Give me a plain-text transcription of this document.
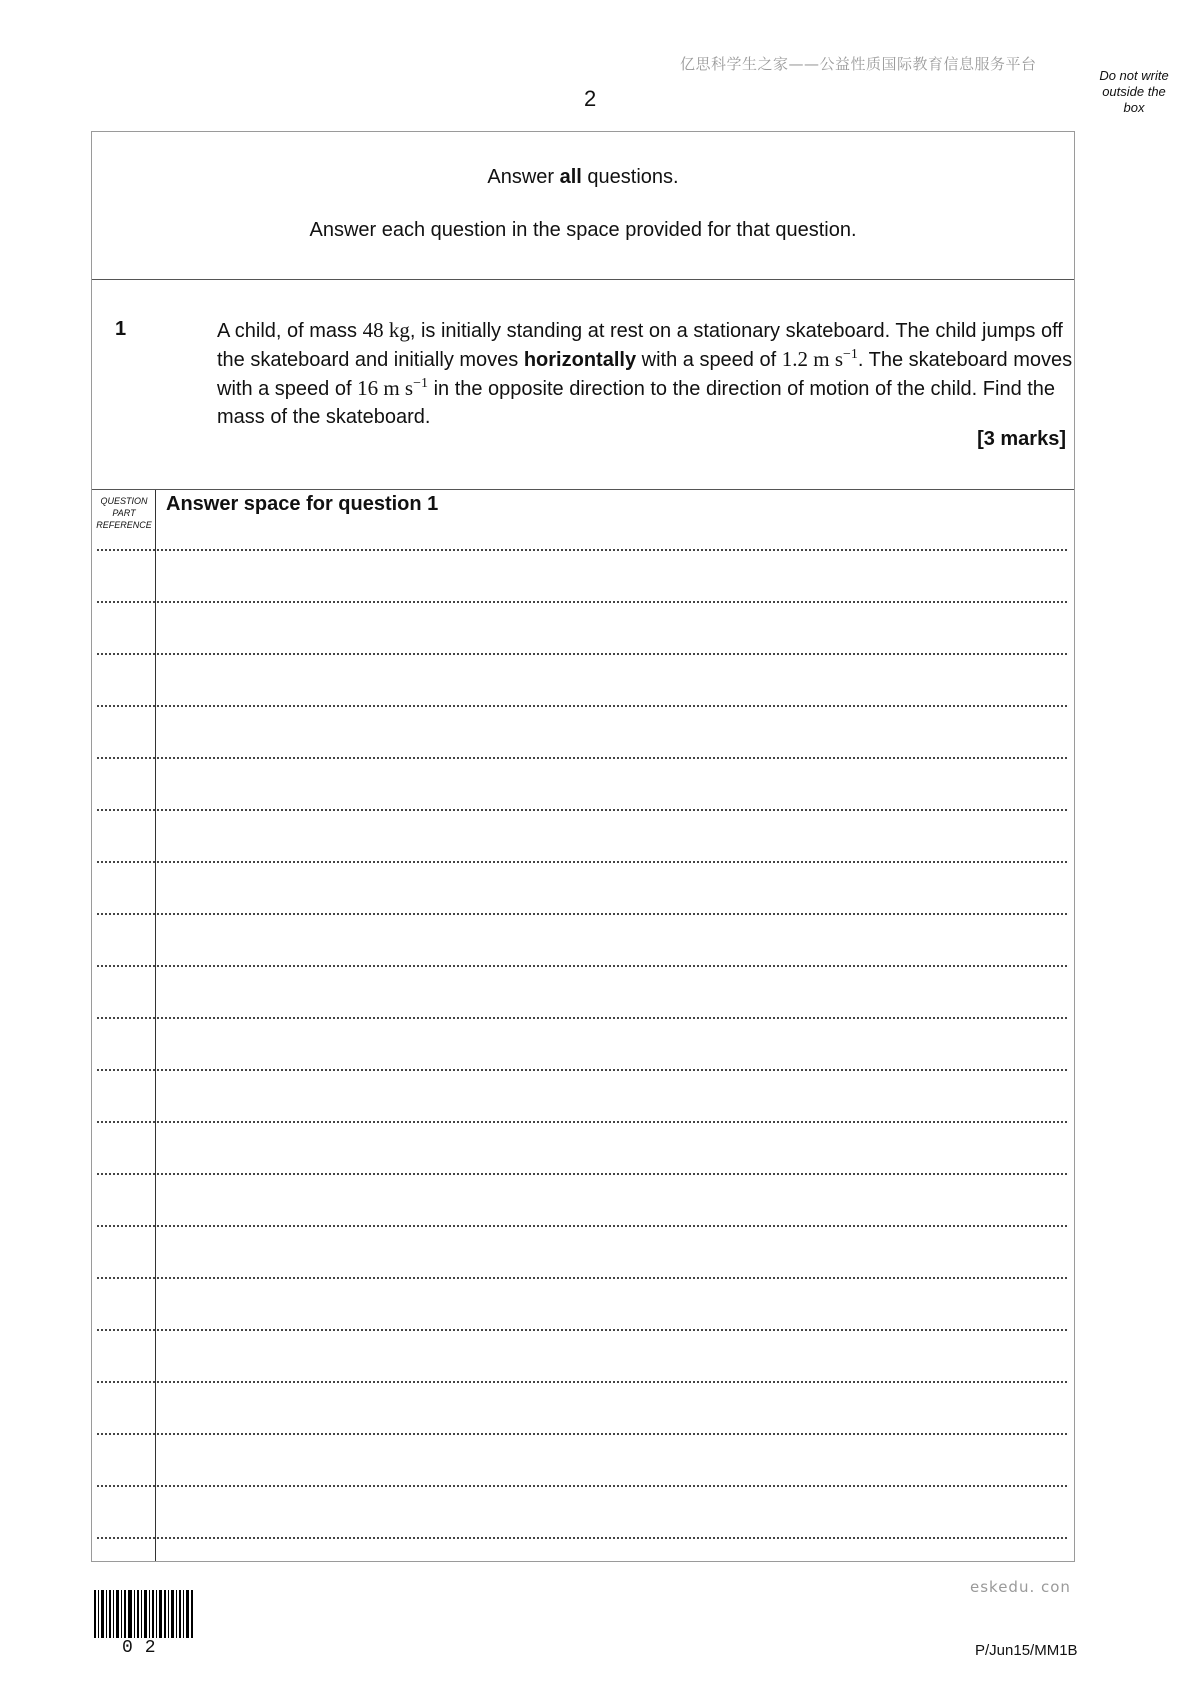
亿思科学生之家——公益性质国际教育信息服务平台
2
Do not write
outside the
box
Answer all questions.
Answer each question in the space provided for that question.
1	A child, of mass 48 kg, is initially standing at rest on a stationary skateboard. The child jumps off the skateboard and initially moves horizontally with a speed of 1.2 m $s^{-1}$. The skateboard moves with a speed of 16 m $s^{-1}$ in the opposite direction to the direction of motion of the child. Find the mass of the skateboard.
[3 marks]
QUESTION
PART
REFERENCE
Answer space for question 1
02
eskedu. con
P/Jun15/MM1B
